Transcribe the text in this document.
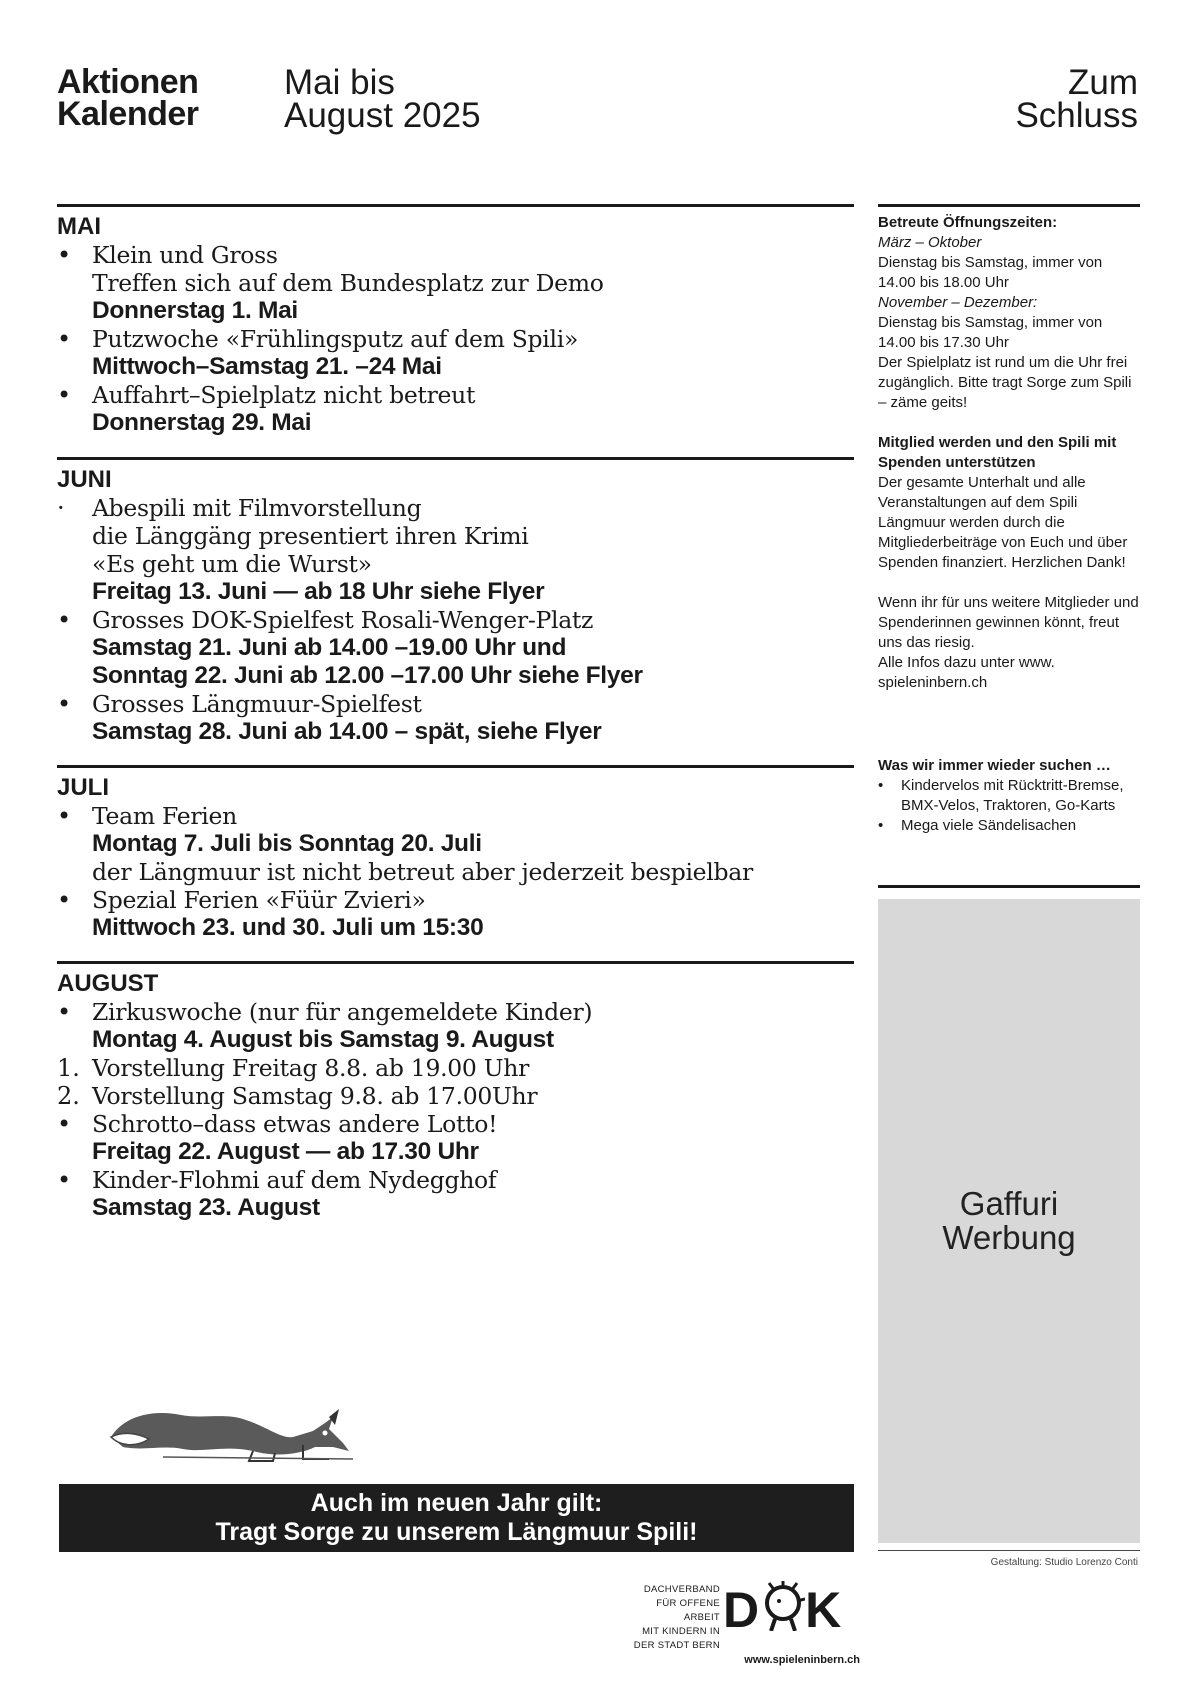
Aktionen
Kalender
Mai bis
August 2025
Zum
Schluss
MAI
• Klein und Gross
Treffen sich auf dem Bundesplatz zur Demo
Donnerstag 1. Mai
• Putzwoche «Frühlingsputz auf dem Spili»
Mittwoch–Samstag 21. –24 Mai
• Auffahrt–Spielplatz nicht betreut
Donnerstag 29. Mai
JUNI
·	Abespili mit Filmvorstellung
die Länggäng presentiert ihren Krimi
«Es geht um die Wurst»
Freitag 13. Juni — ab 18 Uhr siehe Flyer
• Grosses DOK-Spielfest Rosali-Wenger-Platz
Samstag 21. Juni ab 14.00 –19.00 Uhr und
Sonntag 22. Juni ab 12.00 –17.00 Uhr siehe Flyer
• Grosses Längmuur-Spielfest
Samstag 28. Juni ab 14.00 – spät, siehe Flyer
JULI
• Team Ferien
Montag 7. Juli bis Sonntag 20. Juli
der Längmuur ist nicht betreut aber jederzeit bespielbar
• Spezial Ferien «Füür Zvieri»
Mittwoch 23. und 30. Juli um 15:30
AUGUST
• Zirkuswoche (nur für angemeldete Kinder)
Montag 4. August bis Samstag 9. August
1. Vorstellung Freitag 8.8. ab 19.00 Uhr
2. Vorstellung Samstag 9.8. ab 17.00Uhr
• Schrotto–dass etwas andere Lotto!
Freitag 22. August — ab 17.30 Uhr
• Kinder-Flohmi auf dem Nydegghof
Samstag 23. August
Auch im neuen Jahr gilt:
Tragt Sorge zu unserem Längmuur Spili!
DACHVERBAND
FÜR OFFENE ARBEIT
MIT KINDERN IN
DER STADT BERN
D K
www.spieleninbern.ch
Betreute Öffnungszeiten:
März – Oktober
Dienstag bis Samstag, immer von 14.00 bis 18.00 Uhr
November – Dezember:
Dienstag bis Samstag, immer von 14.00 bis 17.30 Uhr
Der Spielplatz ist rund um die Uhr frei zugänglich. Bitte tragt Sorge zum Spili – zäme geits!
Mitglied werden und den Spili mit Spenden unterstützen
Der gesamte Unterhalt und alle Veranstaltungen auf dem Spili Längmuur werden durch die Mitgliederbeiträge von Euch und über Spenden finanziert. Herzlichen Dank!
Wenn ihr für uns weitere Mitglieder und Spenderinnen gewinnen könnt, freut uns das riesig.
Alle Infos dazu unter www. spieleninbern.ch
Was wir immer wieder suchen …
• Kindervelos mit Rücktritt-Bremse, BMX-Velos, Traktoren, Go-Karts
• Mega viele Sändelisachen
Gaffuri
Werbung
Gestaltung: Studio Lorenzo Conti
